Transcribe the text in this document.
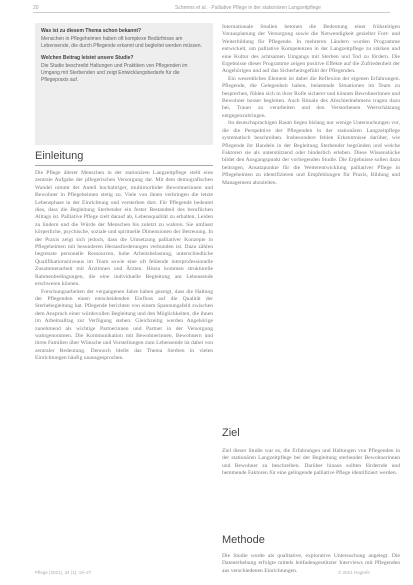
20	Schrems et al. · Palliative Pflege in der stationären Langzeitpflege
Was ist zu diesem Thema schon bekannt?
Menschen in Pflegeheimen haben oft komplexe Bedürfnisse am Lebensende, die durch Pflegende erkannt und begleitet werden müssen.
Welchen Beitrag leistet unsere Studie?
Die Studie beschreibt Haltungen und Praktiken von Pflegenden im Umgang mit Sterbenden und zeigt Entwicklungsbedarfe für die Pflegepraxis auf.
Einleitung

Die Pflege älterer Menschen in der stationären Langzeitpflege stellt eine zentrale Aufgabe der pflegerischen Versorgung dar. Mit dem demografischen Wandel nimmt der Anteil hochaltriger, multimorbider Bewohnerinnen und Bewohner in Pflegeheimen stetig zu. Viele von ihnen verbringen die letzte Lebensphase in der Einrichtung und versterben dort. Für Pflegende bedeutet dies, dass die Begleitung Sterbender ein fester Bestandteil des beruflichen Alltags ist. Palliative Pflege zielt darauf ab, Lebensqualität zu erhalten, Leiden zu lindern und die Würde der Menschen bis zuletzt zu wahren. Sie umfasst körperliche, psychische, soziale und spirituelle Dimensionen der Betreuung. In der Praxis zeigt sich jedoch, dass die Umsetzung palliativer Konzepte in Pflegeheimen mit besonderen Herausforderungen verbunden ist. Dazu zählen begrenzte personelle Ressourcen, hohe Arbeitsbelastung, unterschiedliche Qualifikationsniveaus im Team sowie eine oft fehlende interprofessionelle Zusammenarbeit mit Ärztinnen und Ärzten. Hinzu kommen strukturelle Rahmenbedingungen, die eine individuelle Begleitung am Lebensende erschweren können.

Forschungsarbeiten der vergangenen Jahre haben gezeigt, dass die Haltung der Pflegenden einen entscheidenden Einfluss auf die Qualität der Sterbebegleitung hat. Pflegende berichten von einem Spannungsfeld zwischen dem Anspruch einer würdevollen Begleitung und den Möglichkeiten, die ihnen im Arbeitsalltag zur Verfügung stehen. Gleichzeitig werden Angehörige zunehmend als wichtige Partnerinnen und Partner in der Versorgung wahrgenommen. Die Kommunikation mit Bewohnerinnen, Bewohnern und ihren Familien über Wünsche und Vorstellungen zum Lebensende ist dabei von zentraler Bedeutung. Dennoch bleibt das Thema Sterben in vielen Einrichtungen häufig unausgesprochen.

Internationale Studien betonen die Bedeutung einer frühzeitigen Vorausplanung der Versorgung sowie die Notwendigkeit gezielter Fort- und Weiterbildung für Pflegende. In mehreren Ländern wurden Programme entwickelt, um palliative Kompetenzen in der Langzeitpflege zu stärken und eine Kultur des achtsamen Umgangs mit Sterben und Tod zu fördern. Die Ergebnisse dieser Programme zeigen positive Effekte auf die Zufriedenheit der Angehörigen und auf das Sicherheitsgefühl der Pflegenden.

Ein wesentliches Element ist dabei die Reflexion der eigenen Erfahrungen. Pflegende, die Gelegenheit haben, belastende Situationen im Team zu besprechen, fühlen sich in ihrer Rolle sicherer und können Bewohnerinnen und Bewohner besser begleiten. Auch Rituale des Abschiednehmens tragen dazu bei, Trauer zu verarbeiten und den Verstorbenen Wertschätzung entgegenzubringen.

Im deutschsprachigen Raum liegen bislang nur wenige Untersuchungen vor, die die Perspektive der Pflegenden in der stationären Langzeitpflege systematisch beschreiben. Insbesondere fehlen Erkenntnisse darüber, wie Pflegende ihr Handeln in der Begleitung Sterbender begründen und welche Faktoren sie als unterstützend oder hinderlich erleben. Diese Wissenslücke bildet den Ausgangspunkt der vorliegenden Studie. Die Ergebnisse sollen dazu beitragen, Ansatzpunkte für die Weiterentwicklung palliativer Pflege in Pflegeheimen zu identifizieren und Empfehlungen für Praxis, Bildung und Management abzuleiten.

Ziel

Ziel dieser Studie war es, die Erfahrungen und Haltungen von Pflegenden in der stationären Langzeitpflege bei der Begleitung sterbender Bewohnerinnen und Bewohner zu beschreiben. Darüber hinaus sollten fördernde und hemmende Faktoren für eine gelingende palliative Pflege identifiziert werden.

Methode

Die Studie wurde als qualitative, explorative Untersuchung angelegt. Die Datenerhebung erfolgte mittels leitfadengestützter Interviews mit Pflegenden aus verschiedenen Einrichtungen.

Pflege (2021), 34 (1), 19–27	© 2021 Hogrefe
